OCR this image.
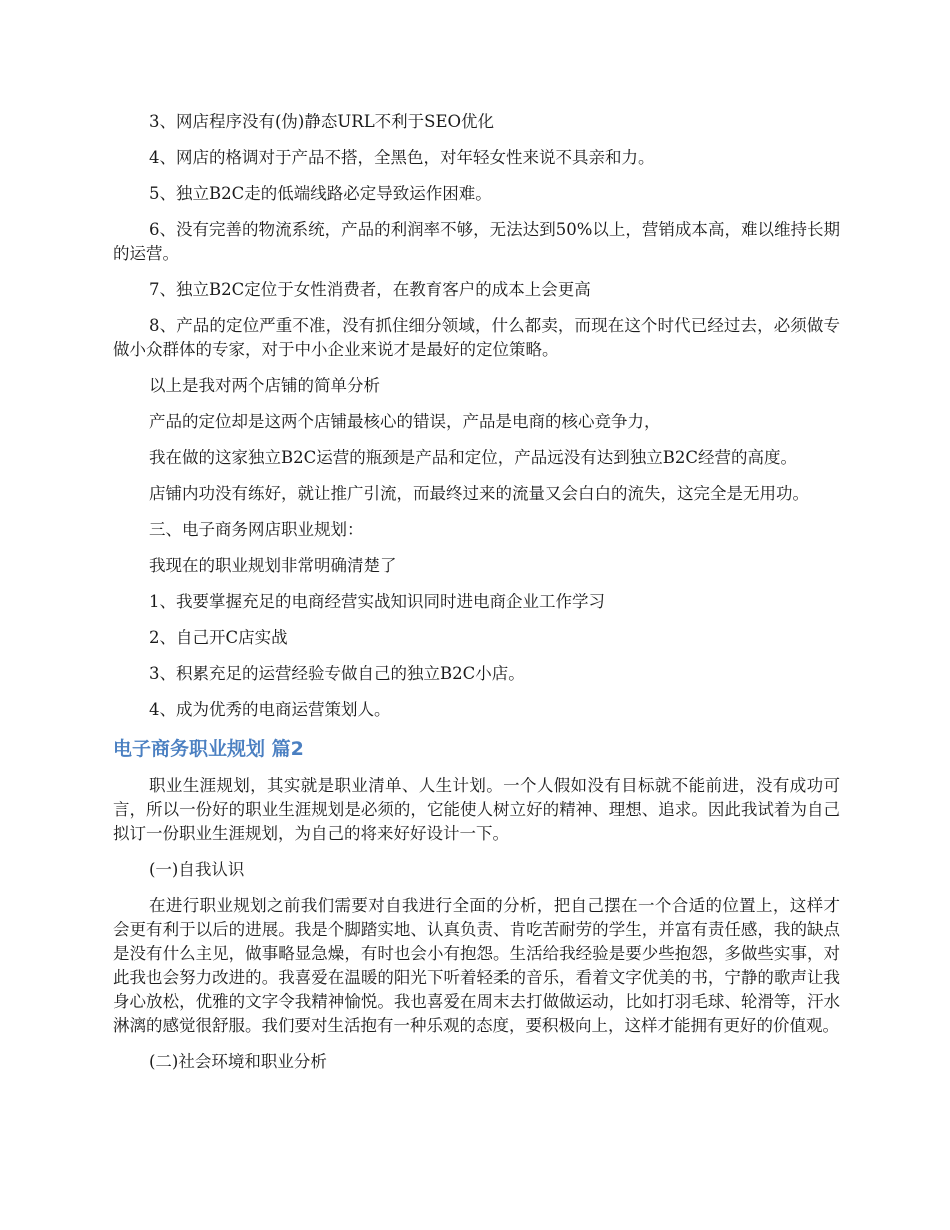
3、网店程序没有(伪)静态URL不利于SEO优化

4、网店的格调对于产品不搭，全黑色，对年轻女性来说不具亲和力。

5、独立B2C走的低端线路必定导致运作困难。

6、没有完善的物流系统，产品的利润率不够，无法达到50%以上，营销成本高，难以维持长期的运营。

7、独立B2C定位于女性消费者，在教育客户的成本上会更高

8、产品的定位严重不准，没有抓住细分领域，什么都卖，而现在这个时代已经过去，必须做专做小众群体的专家，对于中小企业来说才是最好的定位策略。

以上是我对两个店铺的简单分析

产品的定位却是这两个店铺最核心的错误，产品是电商的核心竞争力，

我在做的这家独立B2C运营的瓶颈是产品和定位，产品远没有达到独立B2C经营的高度。

店铺内功没有练好，就让推广引流，而最终过来的流量又会白白的流失，这完全是无用功。

三、电子商务网店职业规划：

我现在的职业规划非常明确清楚了

1、我要掌握充足的电商经营实战知识同时进电商企业工作学习

2、自己开C店实战

3、积累充足的运营经验专做自己的独立B2C小店。

4、成为优秀的电商运营策划人。

电子商务职业规划 篇2

职业生涯规划，其实就是职业清单、人生计划。一个人假如没有目标就不能前进，没有成功可言，所以一份好的职业生涯规划是必须的，它能使人树立好的精神、理想、追求。因此我试着为自己拟订一份职业生涯规划，为自己的将来好好设计一下。

(一)自我认识

在进行职业规划之前我们需要对自我进行全面的分析，把自己摆在一个合适的位置上，这样才会更有利于以后的进展。我是个脚踏实地、认真负责、肯吃苦耐劳的学生，并富有责任感，我的缺点是没有什么主见，做事略显急燥，有时也会小有抱怨。生活给我经验是要少些抱怨，多做些实事，对此我也会努力改进的。我喜爱在温暖的阳光下听着轻柔的音乐，看着文字优美的书，宁静的歌声让我身心放松，优雅的文字令我精神愉悦。我也喜爱在周末去打做做运动，比如打羽毛球、轮滑等，汗水淋漓的感觉很舒服。我们要对生活抱有一种乐观的态度，要积极向上，这样才能拥有更好的价值观。

(二)社会环境和职业分析
